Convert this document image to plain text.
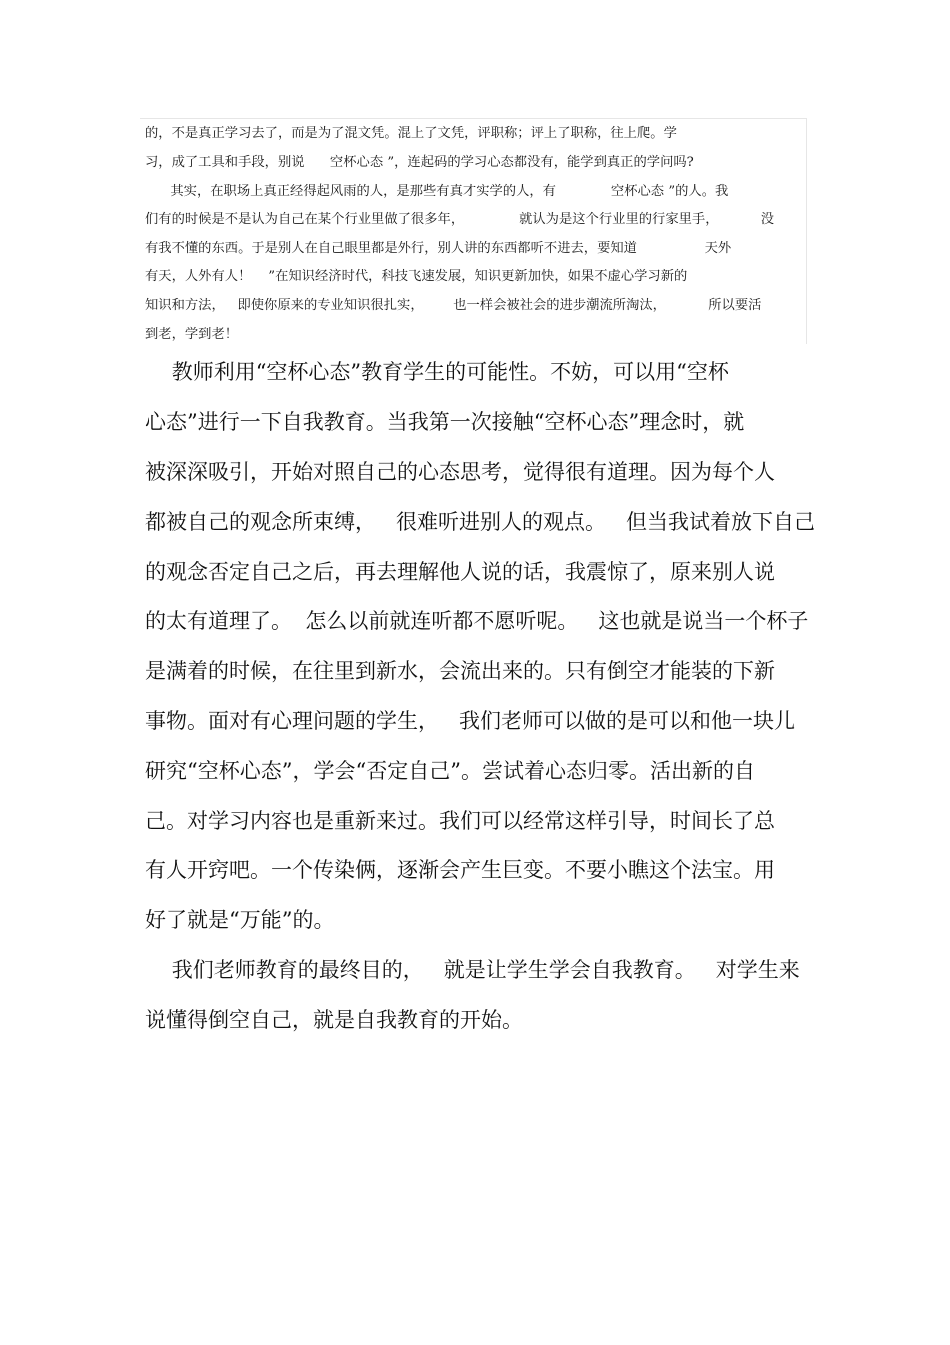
的，不是真正学习去了，而是为了混文凭。混上了文凭，评职称；评上了职称，往上爬。学
习，成了工具和手段，别说      空杯心态 ”，连起码的学习心态都没有，能学到真正的学问吗?
其实，在职场上真正经得起风雨的人，是那些有真才实学的人，有             空杯心态 ”的人。我
们有的时候是不是认为自己在某个行业里做了很多年，             就认为是这个行业里的行家里手，          没
有我不懂的东西。于是别人在自己眼里都是外行，别人讲的东西都听不进去，要知道                天外
有天，人外有人！    ”在知识经济时代，科技飞速发展，知识更新加快，如果不虚心学习新的
知识和方法，   即使你原来的专业知识很扎实，       也一样会被社会的进步潮流所淘汰，          所以要活
到老，学到老！
教师利用“空杯心态”教育学生的可能性。不妨，可以用“空杯
心态”进行一下自我教育。当我第一次接触“空杯心态”理念时，就
被深深吸引，开始对照自己的心态思考，觉得很有道理。因为每个人
都被自己的观念所束缚，   很难听进别人的观点。   但当我试着放下自己
的观念否定自己之后，再去理解他人说的话，我震惊了，原来别人说
的太有道理了。  怎么以前就连听都不愿听呢。   这也就是说当一个杯子
是满着的时候，在往里到新水，会流出来的。只有倒空才能装的下新
事物。面对有心理问题的学生，   我们老师可以做的是可以和他一块儿
研究“空杯心态”，学会“否定自己”。尝试着心态归零。活出新的自
己。对学习内容也是重新来过。我们可以经常这样引导，时间长了总
有人开窍吧。一个传染俩，逐渐会产生巨变。不要小瞧这个法宝。用
好了就是“万能”的。
我们老师教育的最终目的，   就是让学生学会自我教育。   对学生来
说懂得倒空自己，就是自我教育的开始。
